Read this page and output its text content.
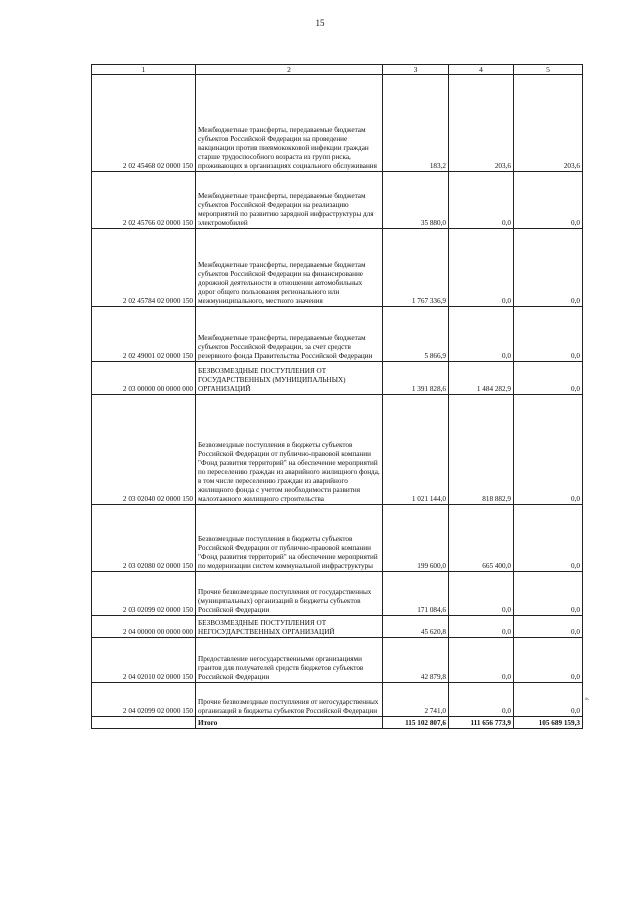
15
1	2	3	4	5
2 02 45468 02 0000 150	Межбюджетные трансферты, передаваемые бюджетам субъектов Российской Федерации на проведение вакцинации против пневмококковой инфекции граждан старше трудоспособного возраста из групп риска, проживающих в организациях социального обслуживания	183,2	203,6	203,6
2 02 45766 02 0000 150	Межбюджетные трансферты, передаваемые бюджетам субъектов Российской Федерации на реализацию мероприятий по развитию зарядной инфраструктуры для электромобилей	35 880,0	0,0	0,0
2 02 45784 02 0000 150	Межбюджетные трансферты, передаваемые бюджетам субъектов Российской Федерации на финансирование дорожной деятельности в отношении автомобильных дорог общего пользования регионального или межмуниципального, местного значения	1 767 336,9	0,0	0,0
2 02 49001 02 0000 150	Межбюджетные трансферты, передаваемые бюджетам субъектов Российской Федерации, за счет средств резервного фонда Правительства Российской Федерации	5 866,9	0,0	0,0
2 03 00000 00 0000 000	БЕЗВОЗМЕЗДНЫЕ ПОСТУПЛЕНИЯ ОТ ГОСУДАРСТВЕННЫХ (МУНИЦИПАЛЬНЫХ) ОРГАНИЗАЦИЙ	1 391 828,6	1 484 282,9	0,0
2 03 02040 02 0000 150	Безвозмездные поступления в бюджеты субъектов Российской Федерации от публично-правовой компании "Фонд развития территорий" на обеспечение мероприятий по переселению граждан из аварийного жилищного фонда, в том числе переселению граждан из аварийного жилищного фонда с учетом необходимости развития малоэтажного жилищного строительства	1 021 144,0	818 882,9	0,0
2 03 02080 02 0000 150	Безвозмездные поступления в бюджеты субъектов Российской Федерации от публично-правовой компании "Фонд развития территорий" на обеспечение мероприятий по модернизации систем коммунальной инфраструктуры	199 600,0	665 400,0	0,0
2 03 02099 02 0000 150	Прочие безвозмездные поступления от государственных (муниципальных) организаций в бюджеты субъектов Российской Федерации	171 084,6	0,0	0,0
2 04 00000 00 0000 000	БЕЗВОЗМЕЗДНЫЕ ПОСТУПЛЕНИЯ ОТ НЕГОСУДАРСТВЕННЫХ ОРГАНИЗАЦИЙ	45 620,8	0,0	0,0
2 04 02010 02 0000 150	Предоставление негосударственными организациями грантов для получателей средств бюджетов субъектов Российской Федерации	42 879,8	0,0	0,0
2 04 02099 02 0000 150	Прочие безвозмездные поступления от негосударственных организаций в бюджеты субъектов Российской Федерации	2 741,0	0,0	0,0
	Итого	115 102 807,6	111 656 773,9	105 689 159,3
».
